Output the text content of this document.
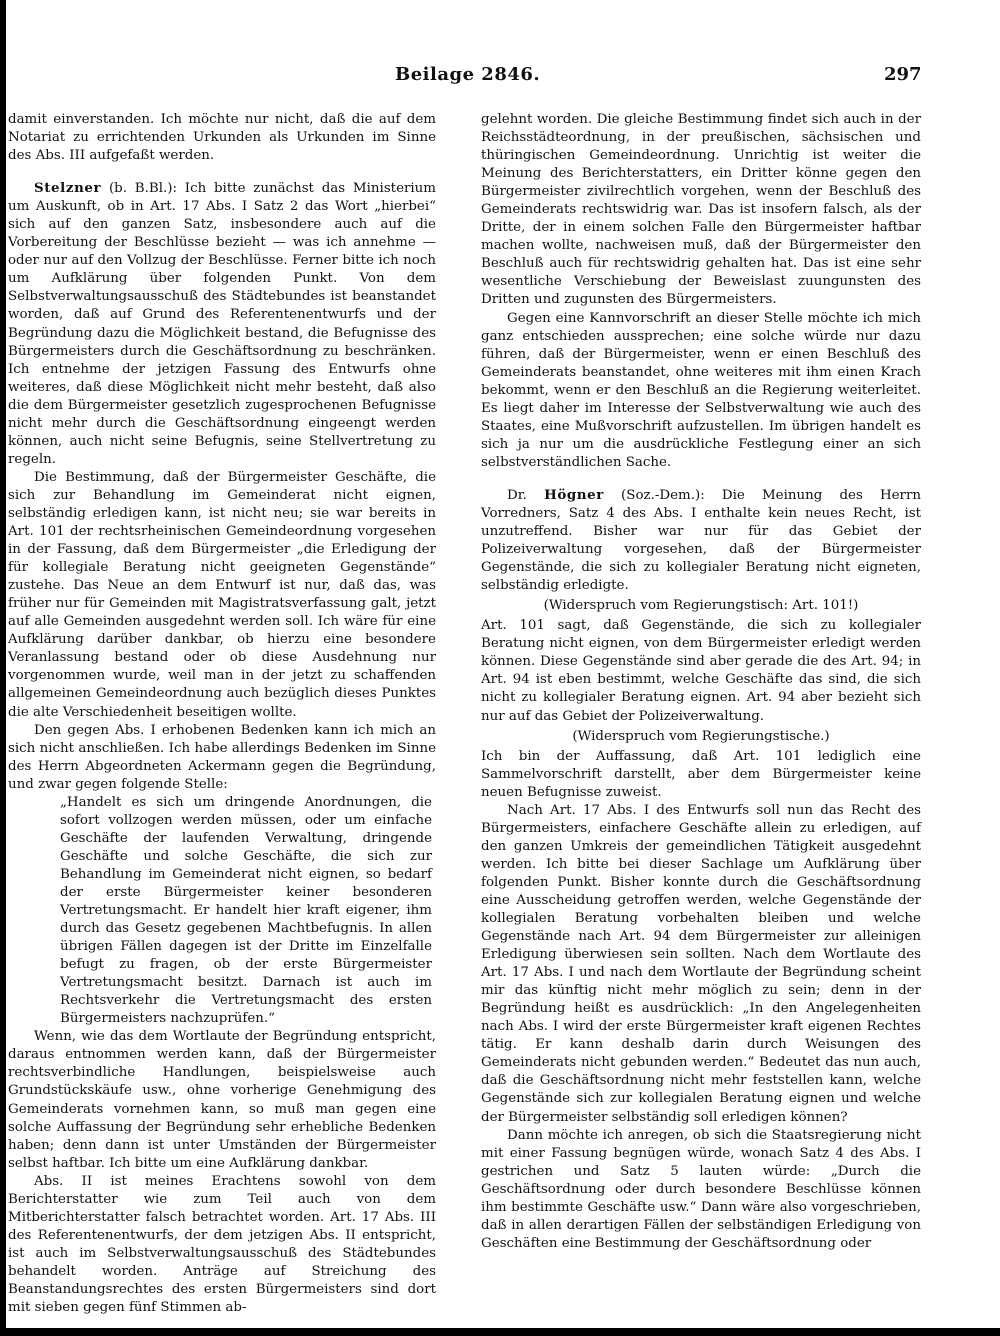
Beilage 2846.	297

damit einverstanden. Ich möchte nur nicht, daß die auf dem Notariat zu errichtenden Urkunden als Urkunden im Sinne des Abs. III aufgefaßt werden.

Stelzner (b. B.Bl.): Ich bitte zunächst das Ministerium um Auskunft, ob in Art. 17 Abs. I Satz 2 das Wort „hierbei“ sich auf den ganzen Satz, insbesondere auch auf die Vorbereitung der Beschlüsse bezieht — was ich annehme — oder nur auf den Vollzug der Beschlüsse. Ferner bitte ich noch um Aufklärung über folgenden Punkt. Von dem Selbstverwaltungsausschuß des Städtebundes ist beanstandet worden, daß auf Grund des Referentenentwurfs und der Begründung dazu die Möglichkeit bestand, die Befugnisse des Bürgermeisters durch die Geschäftsordnung zu beschränken. Ich entnehme der jetzigen Fassung des Entwurfs ohne weiteres, daß diese Möglichkeit nicht mehr besteht, daß also die dem Bürgermeister gesetzlich zugesprochenen Befugnisse nicht mehr durch die Geschäftsordnung eingeengt werden können, auch nicht seine Befugnis, seine Stellvertretung zu regeln.

Die Bestimmung, daß der Bürgermeister Geschäfte, die sich zur Behandlung im Gemeinderat nicht eignen, selbständig erledigen kann, ist nicht neu; sie war bereits in Art. 101 der rechtsrheinischen Gemeindeordnung vorgesehen in der Fassung, daß dem Bürgermeister „die Erledigung der für kollegiale Beratung nicht geeigneten Gegenstände“ zustehe. Das Neue an dem Entwurf ist nur, daß das, was früher nur für Gemeinden mit Magistratsverfassung galt, jetzt auf alle Gemeinden ausgedehnt werden soll. Ich wäre für eine Aufklärung darüber dankbar, ob hierzu eine besondere Veranlassung bestand oder ob diese Ausdehnung nur vorgenommen wurde, weil man in der jetzt zu schaffenden allgemeinen Gemeindeordnung auch bezüglich dieses Punktes die alte Verschiedenheit beseitigen wollte.

Den gegen Abs. I erhobenen Bedenken kann ich mich an sich nicht anschließen. Ich habe allerdings Bedenken im Sinne des Herrn Abgeordneten Ackermann gegen die Begründung, und zwar gegen folgende Stelle:

„Handelt es sich um dringende Anordnungen, die sofort vollzogen werden müssen, oder um einfache Geschäfte der laufenden Verwaltung, dringende Geschäfte und solche Geschäfte, die sich zur Behandlung im Gemeinderat nicht eignen, so bedarf der erste Bürgermeister keiner besonderen Vertretungsmacht. Er handelt hier kraft eigener, ihm durch das Gesetz gegebenen Machtbefugnis. In allen übrigen Fällen dagegen ist der Dritte im Einzelfalle befugt zu fragen, ob der erste Bürgermeister Vertretungsmacht besitzt. Darnach ist auch im Rechtsverkehr die Vertretungsmacht des ersten Bürgermeisters nachzuprüfen.“

Wenn, wie das dem Wortlaute der Begründung entspricht, daraus entnommen werden kann, daß der Bürgermeister rechtsverbindliche Handlungen, beispielsweise auch Grundstückskäufe usw., ohne vorherige Genehmigung des Gemeinderats vornehmen kann, so muß man gegen eine solche Auffassung der Begründung sehr erhebliche Bedenken haben; denn dann ist unter Umständen der Bürgermeister selbst haftbar. Ich bitte um eine Aufklärung dankbar.

Abs. II ist meines Erachtens sowohl von dem Berichterstatter wie zum Teil auch von dem Mitberichterstatter falsch betrachtet worden. Art. 17 Abs. III des Referentenentwurfs, der dem jetzigen Abs. II entspricht, ist auch im Selbstverwaltungsausschuß des Städtebundes behandelt worden. Anträge auf Streichung des Beanstandungsrechtes des ersten Bürgermeisters sind dort mit sieben gegen fünf Stimmen ab-

gelehnt worden. Die gleiche Bestimmung findet sich auch in der Reichsstädteordnung, in der preußischen, sächsischen und thüringischen Gemeindeordnung. Unrichtig ist weiter die Meinung des Berichterstatters, ein Dritter könne gegen den Bürgermeister zivilrechtlich vorgehen, wenn der Beschluß des Gemeinderats rechtswidrig war. Das ist insofern falsch, als der Dritte, der in einem solchen Falle den Bürgermeister haftbar machen wollte, nachweisen muß, daß der Bürgermeister den Beschluß auch für rechtswidrig gehalten hat. Das ist eine sehr wesentliche Verschiebung der Beweislast zuungunsten des Dritten und zugunsten des Bürgermeisters.

Gegen eine Kannvorschrift an dieser Stelle möchte ich mich ganz entschieden aussprechen; eine solche würde nur dazu führen, daß der Bürgermeister, wenn er einen Beschluß des Gemeinderats beanstandet, ohne weiteres mit ihm einen Krach bekommt, wenn er den Beschluß an die Regierung weiterleitet. Es liegt daher im Interesse der Selbstverwaltung wie auch des Staates, eine Mußvorschrift aufzustellen. Im übrigen handelt es sich ja nur um die ausdrückliche Festlegung einer an sich selbstverständlichen Sache.

Dr. Högner (Soz.-Dem.): Die Meinung des Herrn Vorredners, Satz 4 des Abs. I enthalte kein neues Recht, ist unzutreffend. Bisher war nur für das Gebiet der Polizeiverwaltung vorgesehen, daß der Bürgermeister Gegenstände, die sich zu kollegialer Beratung nicht eigneten, selbständig erledigte.

(Widerspruch vom Regierungstisch: Art. 101!)

Art. 101 sagt, daß Gegenstände, die sich zu kollegialer Beratung nicht eignen, von dem Bürgermeister erledigt werden können. Diese Gegenstände sind aber gerade die des Art. 94; in Art. 94 ist eben bestimmt, welche Geschäfte das sind, die sich nicht zu kollegialer Beratung eignen. Art. 94 aber bezieht sich nur auf das Gebiet der Polizeiverwaltung.

(Widerspruch vom Regierungstische.)

Ich bin der Auffassung, daß Art. 101 lediglich eine Sammelvorschrift darstellt, aber dem Bürgermeister keine neuen Befugnisse zuweist.

Nach Art. 17 Abs. I des Entwurfs soll nun das Recht des Bürgermeisters, einfachere Geschäfte allein zu erledigen, auf den ganzen Umkreis der gemeindlichen Tätigkeit ausgedehnt werden. Ich bitte bei dieser Sachlage um Aufklärung über folgenden Punkt. Bisher konnte durch die Geschäftsordnung eine Ausscheidung getroffen werden, welche Gegenstände der kollegialen Beratung vorbehalten bleiben und welche Gegenstände nach Art. 94 dem Bürgermeister zur alleinigen Erledigung überwiesen sein sollten. Nach dem Wortlaute des Art. 17 Abs. I und nach dem Wortlaute der Begründung scheint mir das künftig nicht mehr möglich zu sein; denn in der Begründung heißt es ausdrücklich: „In den Angelegenheiten nach Abs. I wird der erste Bürgermeister kraft eigenen Rechtes tätig. Er kann deshalb darin durch Weisungen des Gemeinderats nicht gebunden werden.“ Bedeutet das nun auch, daß die Geschäftsordnung nicht mehr feststellen kann, welche Gegenstände sich zur kollegialen Beratung eignen und welche der Bürgermeister selbständig soll erledigen können?

Dann möchte ich anregen, ob sich die Staatsregierung nicht mit einer Fassung begnügen würde, wonach Satz 4 des Abs. I gestrichen und Satz 5 lauten würde: „Durch die Geschäftsordnung oder durch besondere Beschlüsse können ihm bestimmte Geschäfte usw.“ Dann wäre also vorgeschrieben, daß in allen derartigen Fällen der selbständigen Erledigung von Geschäften eine Bestimmung der Geschäftsordnung oder
